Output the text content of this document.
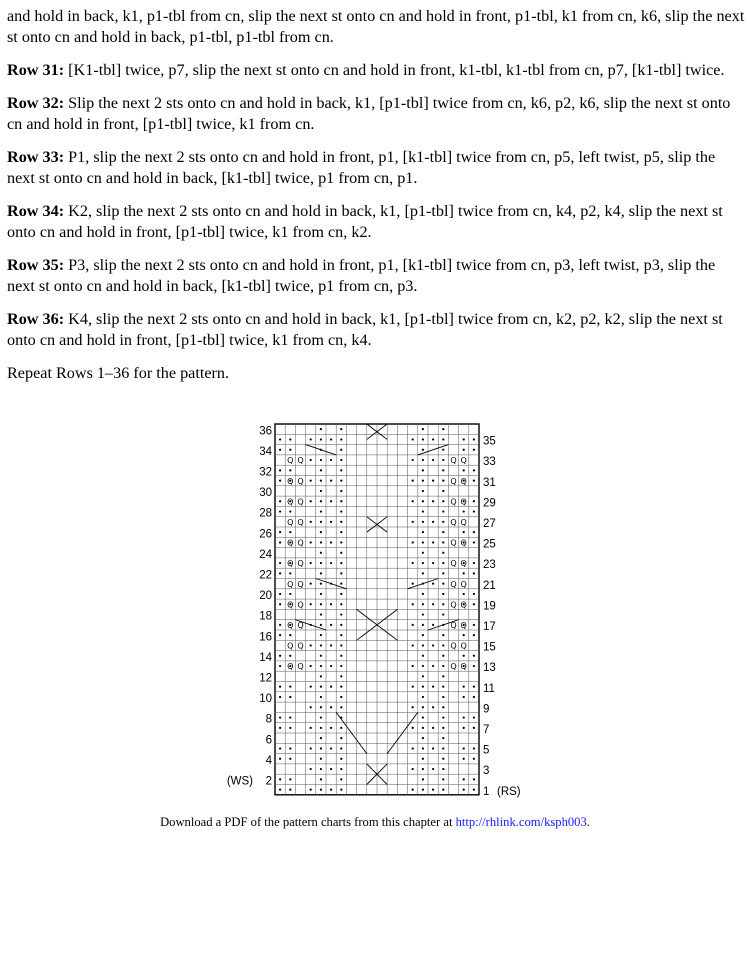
and hold in back, k1, p1-tbl from cn, slip the next st onto cn and hold in front, p1-tbl, k1 from cn, k6, slip the next st onto cn and hold in back, p1-tbl, p1-tbl from cn.

Row 31: [K1-tbl] twice, p7, slip the next st onto cn and hold in front, k1-tbl, k1-tbl from cn, p7, [k1-tbl] twice.

Row 32: Slip the next 2 sts onto cn and hold in back, k1, [p1-tbl] twice from cn, k6, p2, k6, slip the next st onto cn and hold in front, [p1-tbl] twice, k1 from cn.

Row 33: P1, slip the next 2 sts onto cn and hold in front, p1, [k1-tbl] twice from cn, p5, left twist, p5, slip the next st onto cn and hold in back, [k1-tbl] twice, p1 from cn, p1.

Row 34: K2, slip the next 2 sts onto cn and hold in back, k1, [p1-tbl] twice from cn, k4, p2, k4, slip the next st onto cn and hold in front, [p1-tbl] twice, k1 from cn, k2.

Row 35: P3, slip the next 2 sts onto cn and hold in front, p1, [k1-tbl] twice from cn, p3, left twist, p3, slip the next st onto cn and hold in back, [k1-tbl] twice, p1 from cn, p3.

Row 36: K4, slip the next 2 sts onto cn and hold in back, k1, [p1-tbl] twice from cn, k2, p2, k2, slip the next st onto cn and hold in front, [p1-tbl] twice, k1 from cn, k4.

Repeat Rows 1–36 for the pattern.

Q Q	Q Q
Q Q	Q Q
Q Q	Q Q
Q Q	Q Q
Q Q	Q Q
Q Q	Q Q
Q Q	Q Q
Q Q	Q Q
Q Q	Q Q
Q Q	Q Q
Q Q	Q Q
36
34
32
30
28
26
24
22
20
18
16
14
12
10
8
6
4
2
(WS)
35
33
31
29
27
25
23
21
19
17
15
13
11
9
7
5
3
1 (RS)
Download a PDF of the pattern charts from this chapter at http://rhlink.com/ksph003.
